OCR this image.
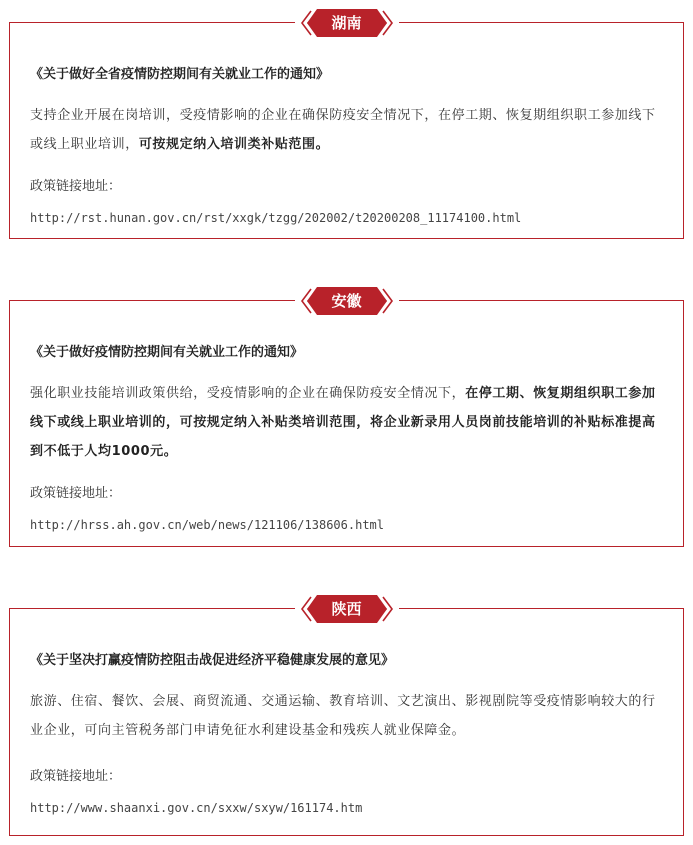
湖南

《关于做好全省疫情防控期间有关就业工作的通知》

支持企业开展在岗培训，受疫情影响的企业在确保防疫安全情况下，在停工期、恢复期组织职工参加线下或线上职业培训，可按规定纳入培训类补贴范围。

政策链接地址：

http://rst.hunan.gov.cn/rst/xxgk/tzgg/202002/t20200208_11174100.html
安徽

《关于做好疫情防控期间有关就业工作的通知》

强化职业技能培训政策供给，受疫情影响的企业在确保防疫安全情况下，在停工期、恢复期组织职工参加线下或线上职业培训的，可按规定纳入补贴类培训范围，将企业新录用人员岗前技能培训的补贴标准提高到不低于人均1000元。

政策链接地址：

http://hrss.ah.gov.cn/web/news/121106/138606.html
陕西

《关于坚决打赢疫情防控阻击战促进经济平稳健康发展的意见》

旅游、住宿、餐饮、会展、商贸流通、交通运输、教育培训、文艺演出、影视剧院等受疫情影响较大的行业企业，可向主管税务部门申请免征水利建设基金和残疾人就业保障金。

政策链接地址：

http://www.shaanxi.gov.cn/sxxw/sxyw/161174.htm
